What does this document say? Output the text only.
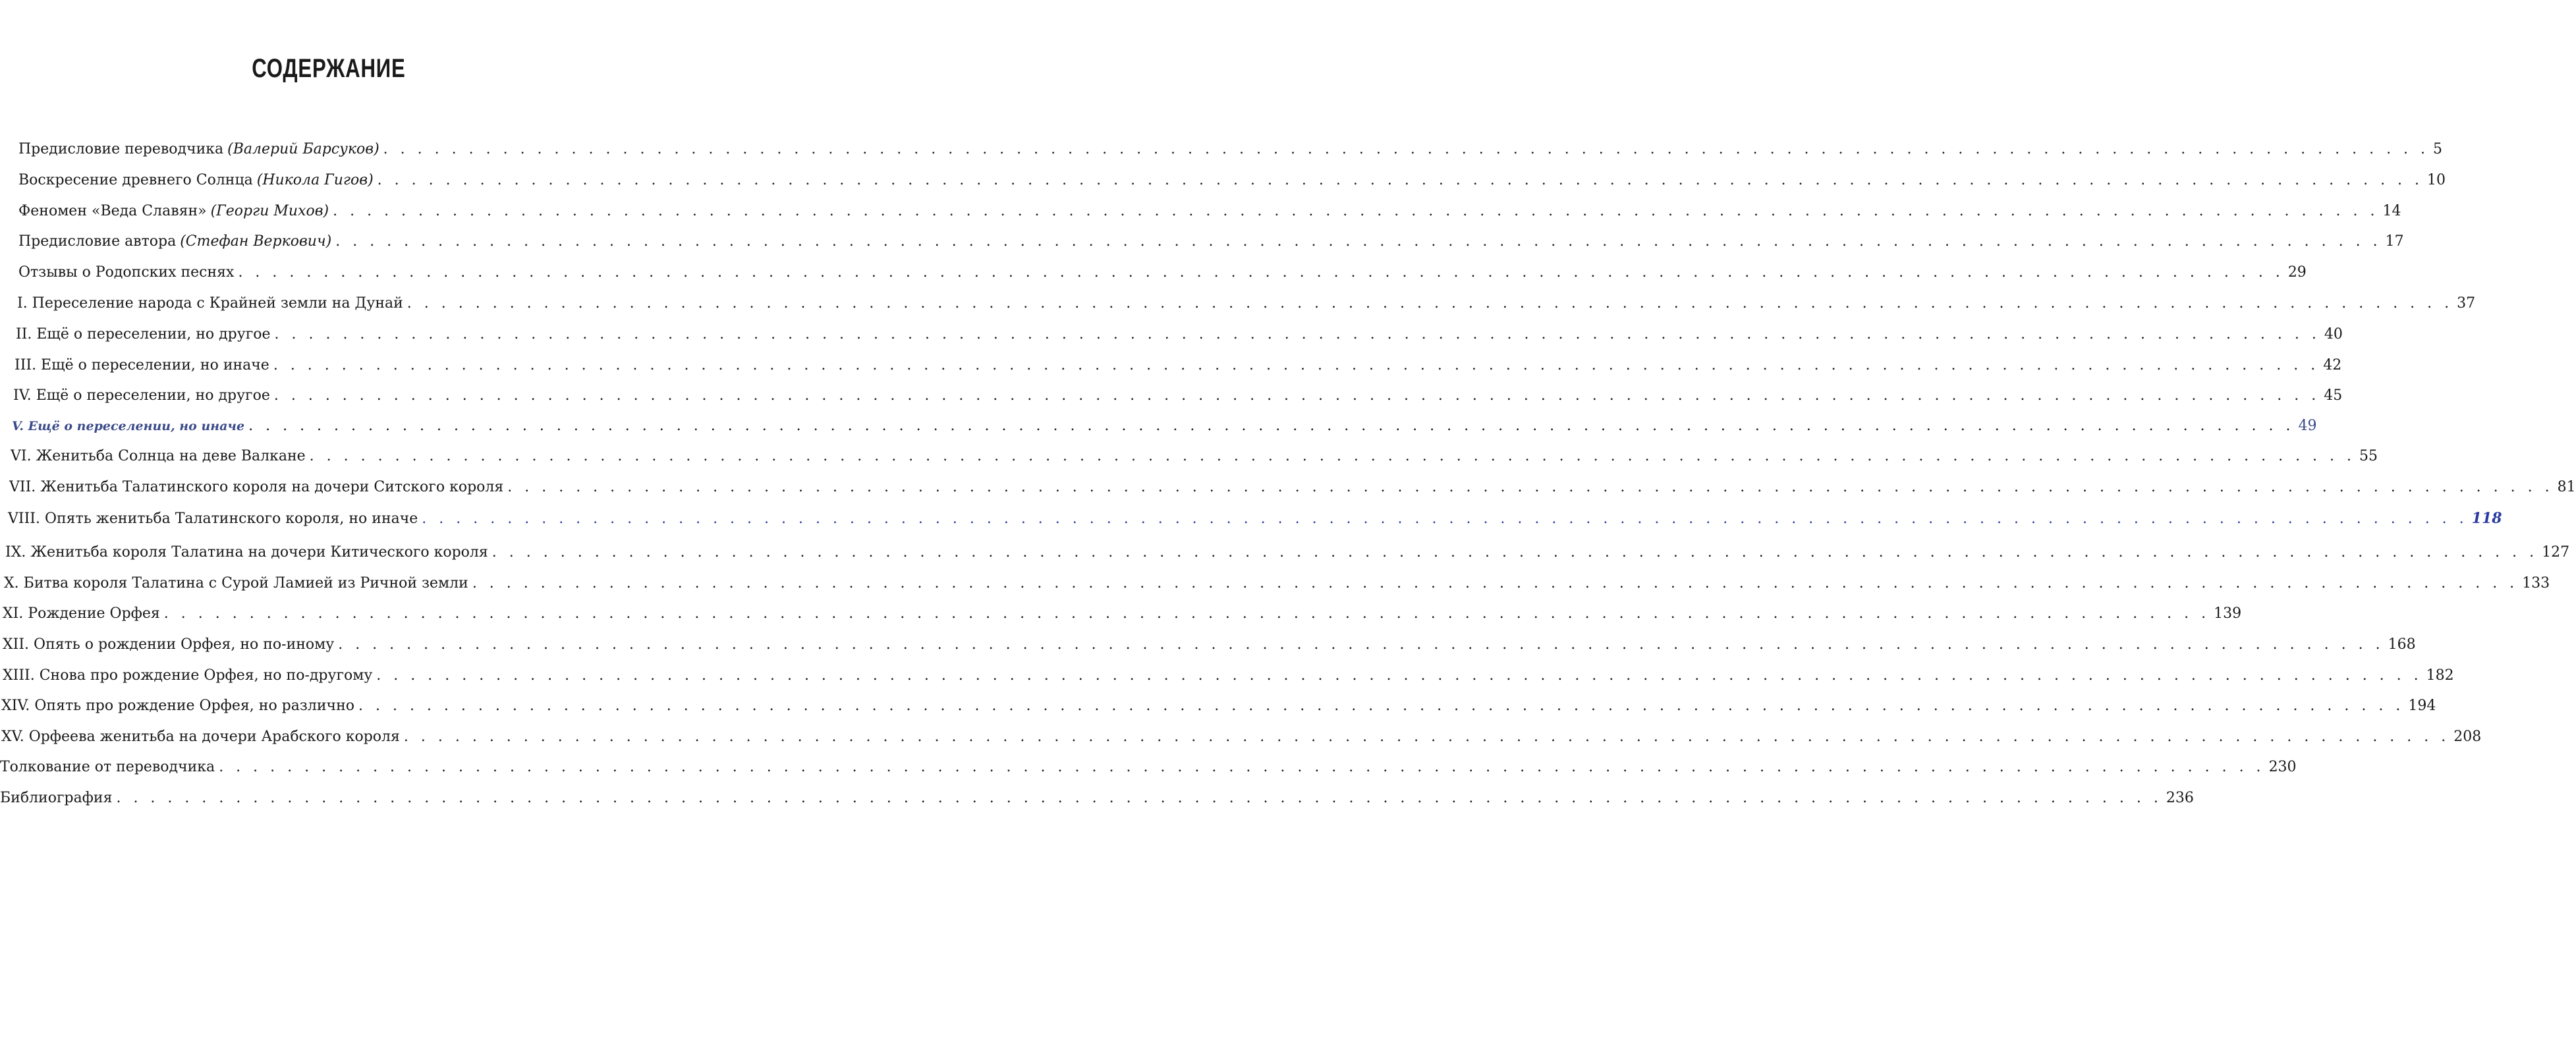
СОДЕРЖАНИЕ
Предисловие переводчика (Валерий Барсуков) . . . . . . . . . . . . . . . . . . . . . . . . . . . . . . . . . . . . . . . . . . . . . . . . . . . . . . . . . . . . . . . . . . . . . . . . . . . . . . . . . . . . . . . . . . . . . . . . . . . . . . . . . . . . . . . . . . . . . . . . 5
Воскресение древнего Солнца (Никола Гигов) . . . . . . . . . . . . . . . . . . . . . . . . . . . . . . . . . . . . . . . . . . . . . . . . . . . . . . . . . . . . . . . . . . . . . . . . . . . . . . . . . . . . . . . . . . . . . . . . . . . . . . . . . . . . . . . . . . . . . . . . 10
Феномен «Веда Славян» (Георги Михов) . . . . . . . . . . . . . . . . . . . . . . . . . . . . . . . . . . . . . . . . . . . . . . . . . . . . . . . . . . . . . . . . . . . . . . . . . . . . . . . . . . . . . . . . . . . . . . . . . . . . . . . . . . . . . . . . . . . . . . . . 14
Предисловие автора (Стефан Веркович) . . . . . . . . . . . . . . . . . . . . . . . . . . . . . . . . . . . . . . . . . . . . . . . . . . . . . . . . . . . . . . . . . . . . . . . . . . . . . . . . . . . . . . . . . . . . . . . . . . . . . . . . . . . . . . . . . . . . . . . . 17
Отзывы о Родопских песнях . . . . . . . . . . . . . . . . . . . . . . . . . . . . . . . . . . . . . . . . . . . . . . . . . . . . . . . . . . . . . . . . . . . . . . . . . . . . . . . . . . . . . . . . . . . . . . . . . . . . . . . . . . . . . . . . . . . . . . . . 29
I. Переселение народа с Крайней земли на Дунай . . . . . . . . . . . . . . . . . . . . . . . . . . . . . . . . . . . . . . . . . . . . . . . . . . . . . . . . . . . . . . . . . . . . . . . . . . . . . . . . . . . . . . . . . . . . . . . . . . . . . . . . . . . . . . . . . . . . . . . . 37
II. Ещё о переселении, но другое . . . . . . . . . . . . . . . . . . . . . . . . . . . . . . . . . . . . . . . . . . . . . . . . . . . . . . . . . . . . . . . . . . . . . . . . . . . . . . . . . . . . . . . . . . . . . . . . . . . . . . . . . . . . . . . . . . . . . . . . 40
III. Ещё о переселении, но иначе . . . . . . . . . . . . . . . . . . . . . . . . . . . . . . . . . . . . . . . . . . . . . . . . . . . . . . . . . . . . . . . . . . . . . . . . . . . . . . . . . . . . . . . . . . . . . . . . . . . . . . . . . . . . . . . . . . . . . . . . 42
IV. Ещё о переселении, но другое . . . . . . . . . . . . . . . . . . . . . . . . . . . . . . . . . . . . . . . . . . . . . . . . . . . . . . . . . . . . . . . . . . . . . . . . . . . . . . . . . . . . . . . . . . . . . . . . . . . . . . . . . . . . . . . . . . . . . . . . 45
V. Ещё о переселении, но иначе . . . . . . . . . . . . . . . . . . . . . . . . . . . . . . . . . . . . . . . . . . . . . . . . . . . . . . . . . . . . . . . . . . . . . . . . . . . . . . . . . . . . . . . . . . . . . . . . . . . . . . . . . . . . . . . . . . . . . . . . 49
VI. Женитьба Солнца на деве Валкане . . . . . . . . . . . . . . . . . . . . . . . . . . . . . . . . . . . . . . . . . . . . . . . . . . . . . . . . . . . . . . . . . . . . . . . . . . . . . . . . . . . . . . . . . . . . . . . . . . . . . . . . . . . . . . . . . . . . . . . . 55
VII. Женитьба Талатинского короля на дочери Ситского короля . . . . . . . . . . . . . . . . . . . . . . . . . . . . . . . . . . . . . . . . . . . . . . . . . . . . . . . . . . . . . . . . . . . . . . . . . . . . . . . . . . . . . . . . . . . . . . . . . . . . . . . . . . . . . . . . . . . . . . . . 81
VIII. Опять женитьба Талатинского короля, но иначе . . . . . . . . . . . . . . . . . . . . . . . . . . . . . . . . . . . . . . . . . . . . . . . . . . . . . . . . . . . . . . . . . . . . . . . . . . . . . . . . . . . . . . . . . . . . . . . . . . . . . . . . . . . . . . . . . . . . . . . . 118
IX. Женитьба короля Талатина на дочери Китического короля . . . . . . . . . . . . . . . . . . . . . . . . . . . . . . . . . . . . . . . . . . . . . . . . . . . . . . . . . . . . . . . . . . . . . . . . . . . . . . . . . . . . . . . . . . . . . . . . . . . . . . . . . . . . . . . . . . . . . . . . 127
X. Битва короля Талатина с Сурой Ламией из Ричной земли . . . . . . . . . . . . . . . . . . . . . . . . . . . . . . . . . . . . . . . . . . . . . . . . . . . . . . . . . . . . . . . . . . . . . . . . . . . . . . . . . . . . . . . . . . . . . . . . . . . . . . . . . . . . . . . . . . . . . . . . 133
XI. Рождение Орфея . . . . . . . . . . . . . . . . . . . . . . . . . . . . . . . . . . . . . . . . . . . . . . . . . . . . . . . . . . . . . . . . . . . . . . . . . . . . . . . . . . . . . . . . . . . . . . . . . . . . . . . . . . . . . . . . . . . . . . . . 139
XII. Опять о рождении Орфея, но по-иному . . . . . . . . . . . . . . . . . . . . . . . . . . . . . . . . . . . . . . . . . . . . . . . . . . . . . . . . . . . . . . . . . . . . . . . . . . . . . . . . . . . . . . . . . . . . . . . . . . . . . . . . . . . . . . . . . . . . . . . . 168
XIII. Снова про рождение Орфея, но по-другому . . . . . . . . . . . . . . . . . . . . . . . . . . . . . . . . . . . . . . . . . . . . . . . . . . . . . . . . . . . . . . . . . . . . . . . . . . . . . . . . . . . . . . . . . . . . . . . . . . . . . . . . . . . . . . . . . . . . . . . . 182
XIV. Опять про рождение Орфея, но различно . . . . . . . . . . . . . . . . . . . . . . . . . . . . . . . . . . . . . . . . . . . . . . . . . . . . . . . . . . . . . . . . . . . . . . . . . . . . . . . . . . . . . . . . . . . . . . . . . . . . . . . . . . . . . . . . . . . . . . . . 194
XV. Орфеева женитьба на дочери Арабского короля . . . . . . . . . . . . . . . . . . . . . . . . . . . . . . . . . . . . . . . . . . . . . . . . . . . . . . . . . . . . . . . . . . . . . . . . . . . . . . . . . . . . . . . . . . . . . . . . . . . . . . . . . . . . . . . . . . . . . . . . 208
Толкование от переводчика . . . . . . . . . . . . . . . . . . . . . . . . . . . . . . . . . . . . . . . . . . . . . . . . . . . . . . . . . . . . . . . . . . . . . . . . . . . . . . . . . . . . . . . . . . . . . . . . . . . . . . . . . . . . . . . . . . . . . . . . 230
Библиография . . . . . . . . . . . . . . . . . . . . . . . . . . . . . . . . . . . . . . . . . . . . . . . . . . . . . . . . . . . . . . . . . . . . . . . . . . . . . . . . . . . . . . . . . . . . . . . . . . . . . . . . . . . . . . . . . . . . . . . . 236
